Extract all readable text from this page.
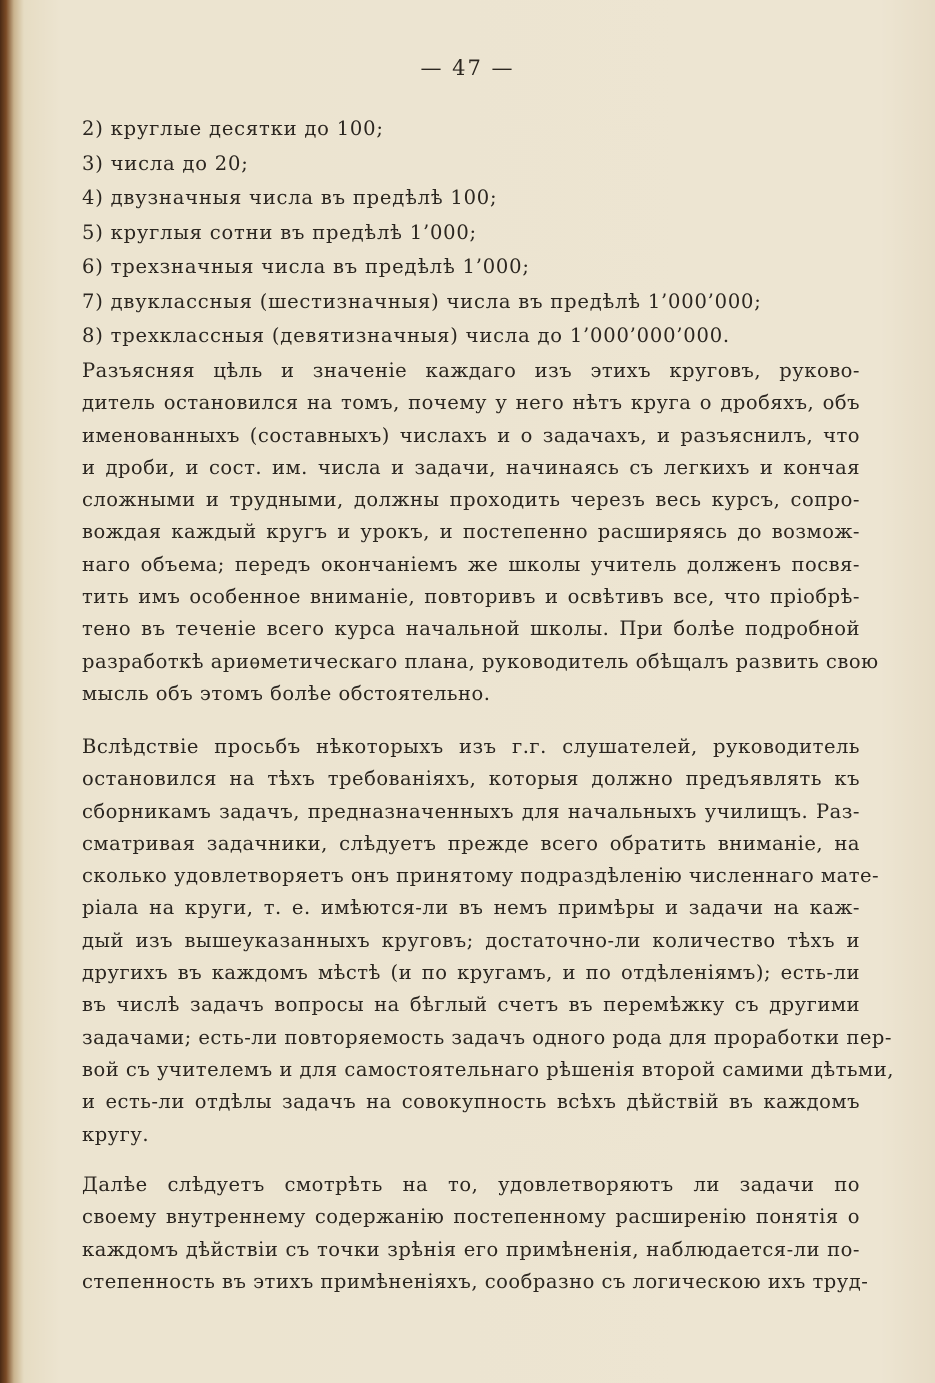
— 47 —
2) круглые десятки до 100;
3) числа до 20;
4) двузначныя числа въ предѣлѣ 100;
5) круглыя сотни въ предѣлѣ 1’000;
6) трехзначныя числа въ предѣлѣ 1’000;
7) двуклассныя (шестизначныя) числа въ предѣлѣ 1’000’000;
8) трехклассныя (девятизначныя) числа до 1’000’000’000.
Разъясняя цѣль и значеніе каждаго изъ этихъ круговъ, руково-
дитель остановился на томъ, почему у него нѣтъ круга о дробяхъ, объ
именованныхъ (составныхъ) числахъ и о задачахъ, и разъяснилъ, что
и дроби, и сост. им. числа и задачи, начинаясь съ легкихъ и кончая
сложными и трудными, должны проходить черезъ весь курсъ, сопро-
вождая каждый кругъ и урокъ, и постепенно расширяясь до возмож-
наго объема; передъ окончаніемъ же школы учитель долженъ посвя-
тить имъ особенное вниманіе, повторивъ и освѣтивъ все, что пріобрѣ-
тено въ теченіе всего курса начальной школы. При болѣе подробной
разработкѣ ариѳметическаго плана, руководитель обѣщалъ развить свою
мысль объ этомъ болѣе обстоятельно.
Вслѣдствіе просьбъ нѣкоторыхъ изъ г.г. слушателей, руководитель
остановился на тѣхъ требованіяхъ, которыя должно предъявлять къ
сборникамъ задачъ, предназначенныхъ для начальныхъ училищъ. Раз-
сматривая задачники, слѣдуетъ прежде всего обратить вниманіе, на
сколько удовлетворяетъ онъ принятому подраздѣленію численнаго мате-
ріала на круги, т. е. имѣются-ли въ немъ примѣры и задачи на каж-
дый изъ вышеуказанныхъ круговъ; достаточно-ли количество тѣхъ и
другихъ въ каждомъ мѣстѣ (и по кругамъ, и по отдѣленіямъ); есть-ли
въ числѣ задачъ вопросы на бѣглый счетъ въ перемѣжку съ другими
задачами; есть-ли повторяемость задачъ одного рода для проработки пер-
вой съ учителемъ и для самостоятельнаго рѣшенія второй самими дѣтьми,
и есть-ли отдѣлы задачъ на совокупность всѣхъ дѣйствій въ каждомъ
кругу.
Далѣе слѣдуетъ смотрѣть на то, удовлетворяютъ ли задачи по
своему внутреннему содержанію постепенному расширенію понятія о
каждомъ дѣйствіи съ точки зрѣнія его примѣненія, наблюдается-ли по-
степенность въ этихъ примѣненіяхъ, сообразно съ логическою ихъ труд-
